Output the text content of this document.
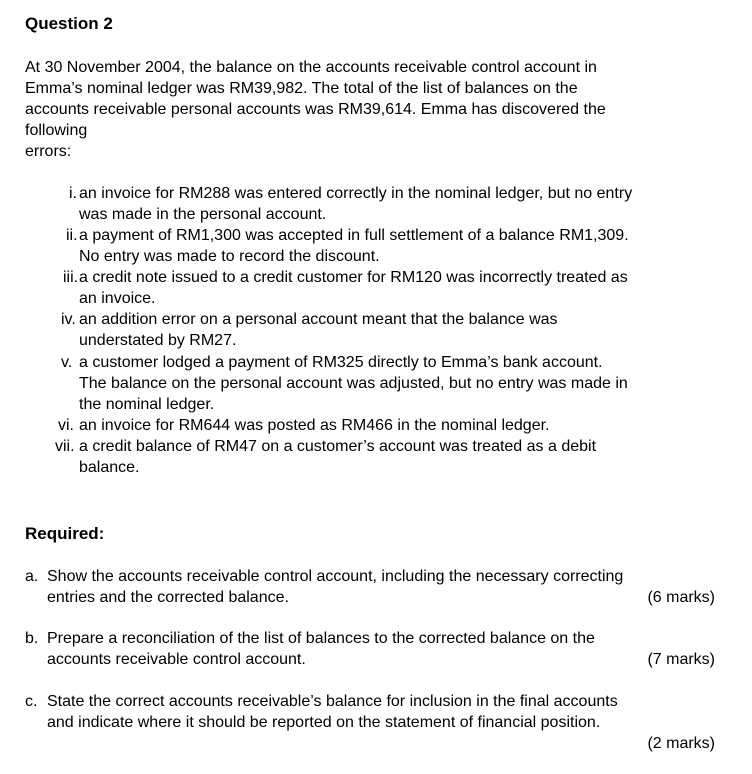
Question 2
At 30 November 2004, the balance on the accounts receivable control account in
Emma’s nominal ledger was RM39,982. The total of the list of balances on the
accounts receivable personal accounts was RM39,614. Emma has discovered the
following
errors:
i. an invoice for RM288 was entered correctly in the nominal ledger, but no entry
was made in the personal account.
ii. a payment of RM1,300 was accepted in full settlement of a balance RM1,309.
No entry was made to record the discount.
iii. a credit note issued to a credit customer for RM120 was incorrectly treated as
an invoice.
iv. an addition error on a personal account meant that the balance was
understated by RM27.
v. a customer lodged a payment of RM325 directly to Emma’s bank account.
The balance on the personal account was adjusted, but no entry was made in
the nominal ledger.
vi. an invoice for RM644 was posted as RM466 in the nominal ledger.
vii. a credit balance of RM47 on a customer’s account was treated as a debit
balance.
Required:
a. Show the accounts receivable control account, including the necessary correcting
entries and the corrected balance.	(6 marks)
b. Prepare a reconciliation of the list of balances to the corrected balance on the
accounts receivable control account.	(7 marks)
c. State the correct accounts receivable’s balance for inclusion in the final accounts
and indicate where it should be reported on the statement of financial position.
(2 marks)
